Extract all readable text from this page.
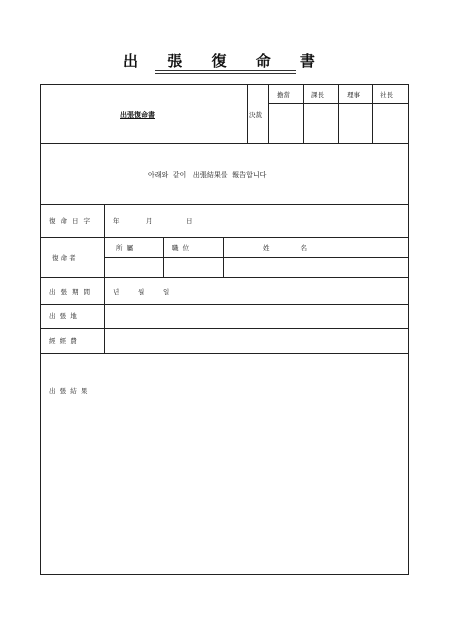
出 張 復 命 書
出張復命書	決裁
擔當	課長	理事	社長
아래와  같이   出張結果를  報告합니다
復命日字	年	月	日
復 命 者
所  屬	職  位	姓               名
出張期間	년	월	일
出  張  地
經  經  費
出  張  結  果
